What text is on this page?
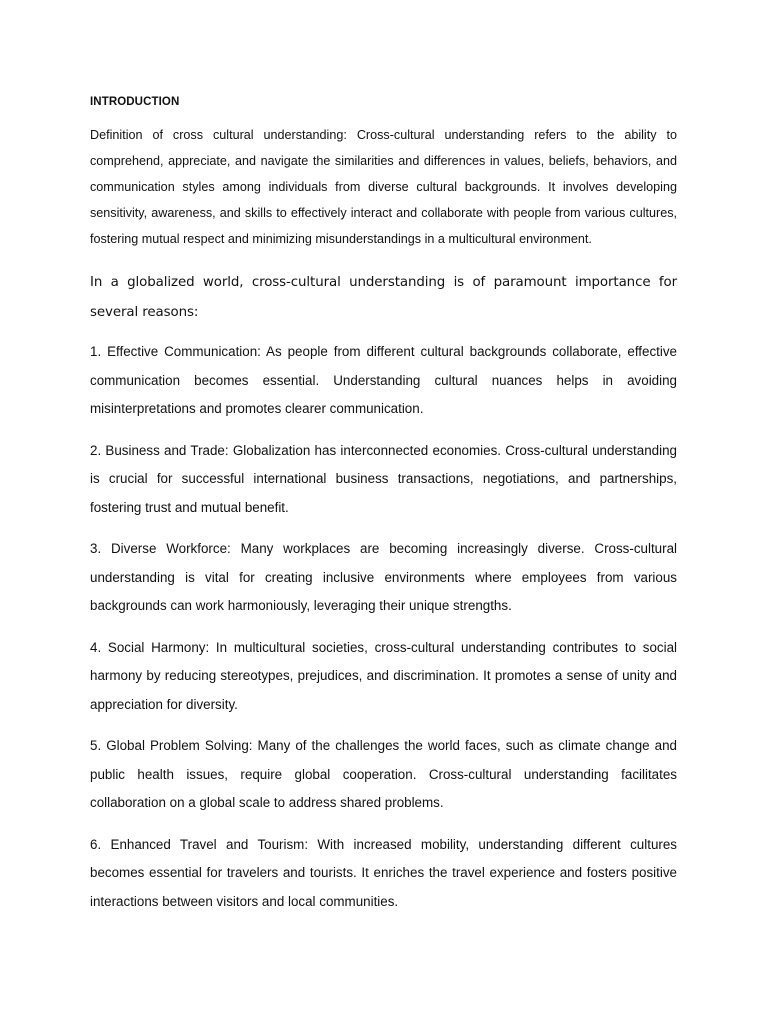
INTRODUCTION

Definition of cross cultural understanding: Cross-cultural understanding refers to the ability to comprehend, appreciate, and navigate the similarities and differences in values, beliefs, behaviors, and communication styles among individuals from diverse cultural backgrounds. It involves developing sensitivity, awareness, and skills to effectively interact and collaborate with people from various cultures, fostering mutual respect and minimizing misunderstandings in a multicultural environment.

In a globalized world, cross-cultural understanding is of paramount importance for several reasons:

1. Effective Communication: As people from different cultural backgrounds collaborate, effective communication becomes essential. Understanding cultural nuances helps in avoiding misinterpretations and promotes clearer communication.

2. Business and Trade: Globalization has interconnected economies. Cross-cultural understanding is crucial for successful international business transactions, negotiations, and partnerships, fostering trust and mutual benefit.

3. Diverse Workforce: Many workplaces are becoming increasingly diverse. Cross-cultural understanding is vital for creating inclusive environments where employees from various backgrounds can work harmoniously, leveraging their unique strengths.

4. Social Harmony: In multicultural societies, cross-cultural understanding contributes to social harmony by reducing stereotypes, prejudices, and discrimination. It promotes a sense of unity and appreciation for diversity.

5. Global Problem Solving: Many of the challenges the world faces, such as climate change and public health issues, require global cooperation. Cross-cultural understanding facilitates collaboration on a global scale to address shared problems.

6. Enhanced Travel and Tourism: With increased mobility, understanding different cultures becomes essential for travelers and tourists. It enriches the travel experience and fosters positive interactions between visitors and local communities.
